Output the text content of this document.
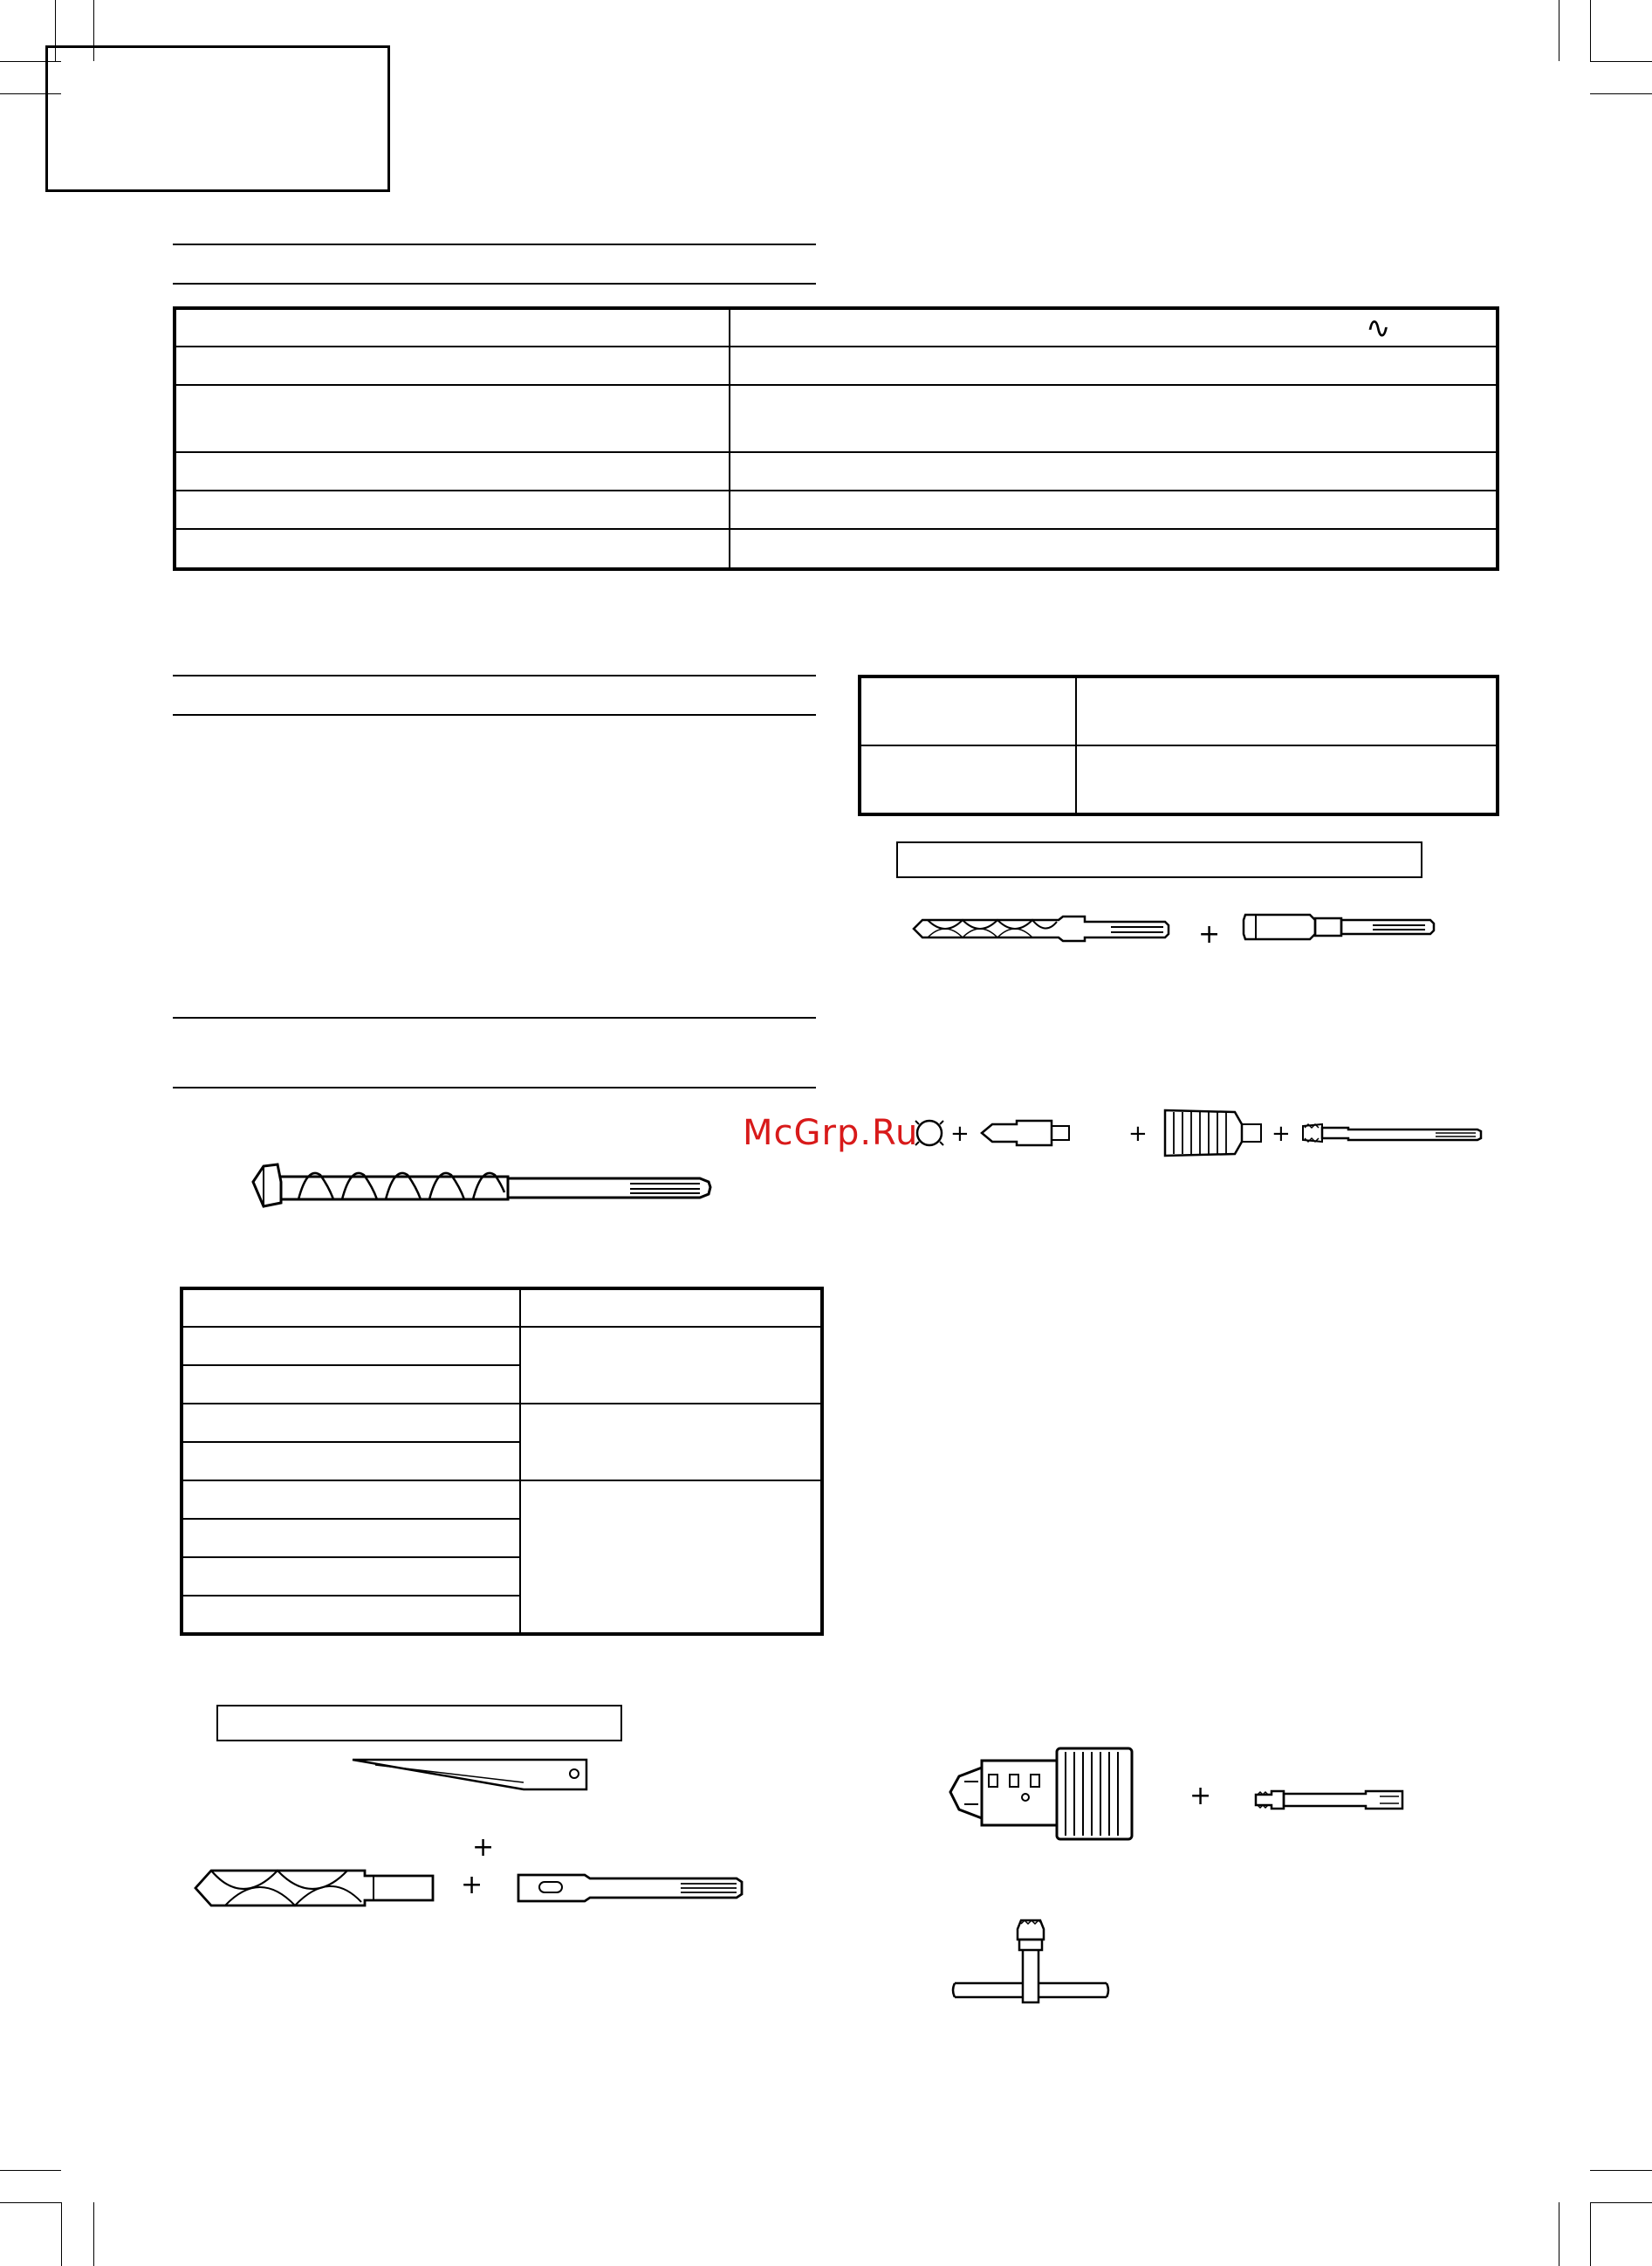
∿

+
McGrp.Ru +	+	+

+
+
+
